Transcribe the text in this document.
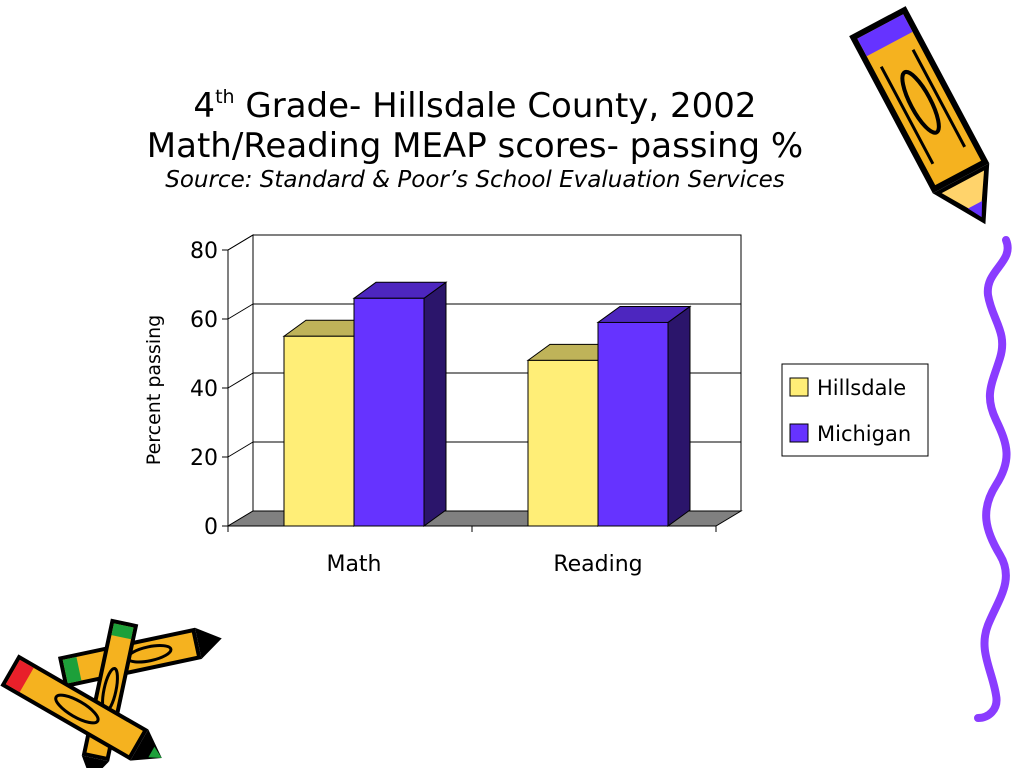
4th Grade- Hillsdale County, 2002
Math/Reading MEAP scores- passing %
Source: Standard & Poor’s School Evaluation Services
0
20
40
60
80
Math	Reading
Percent passing	Hillsdale
Michigan
